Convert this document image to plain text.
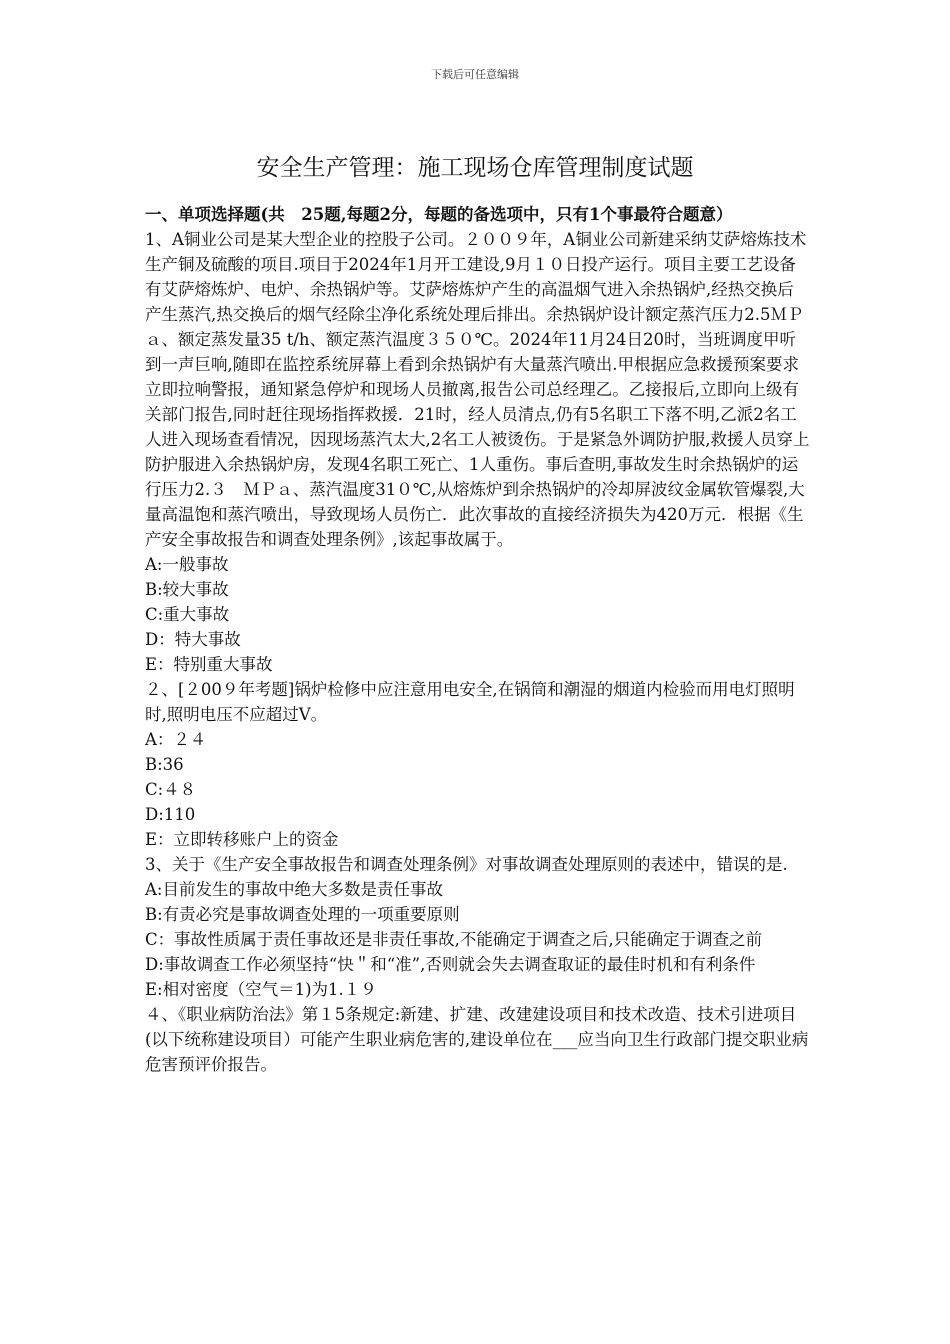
下载后可任意编辑
安全生产管理：施工现场仓库管理制度试题

一、单项选择题(共　25题,每题2分，每题的备选项中，只有1个事最符合题意）

1、A铜业公司是某大型企业的控股子公司。２００９年，A铜业公司新建采纳艾萨熔炼技术生产铜及硫酸的项目.项目于2024年1月开工建设,9月１０日投产运行。项目主要工艺设备有艾萨熔炼炉、电炉、余热锅炉等。艾萨熔炼炉产生的高温烟气进入余热锅炉,经热交换后产生蒸汽,热交换后的烟气经除尘净化系统处理后排出。余热锅炉设计额定蒸汽压力2.5ＭＰａ、额定蒸发量35 t/h、额定蒸汽温度３５０℃。2024年11月24日20时，当班调度甲听到一声巨响,随即在监控系统屏幕上看到余热锅炉有大量蒸汽喷出.甲根据应急救援预案要求立即拉响警报，通知紧急停炉和现场人员撤离,报告公司总经理乙。乙接报后,立即向上级有关部门报告,同时赶往现场指挥救援．21时，经人员清点,仍有5名职工下落不明,乙派2名工人进入现场查看情况，因现场蒸汽太大,2名工人被烫伤。于是紧急外调防护服,救援人员穿上防护服进入余热锅炉房，发现4名职工死亡、1人重伤。事后查明,事故发生时余热锅炉的运行压力2.３　ＭＰａ、蒸汽温度31０℃,从熔炼炉到余热锅炉的冷却屏波纹金属软管爆裂,大量高温饱和蒸汽喷出，导致现场人员伤亡．此次事故的直接经济损失为420万元．根据《生产安全事故报告和调查处理条例》,该起事故属于。

A:一般事故

B:较大事故

C:重大事故

D：特大事故

E：特别重大事故

２、[２00９年考题]锅炉检修中应注意用电安全,在锅筒和潮湿的烟道内检验而用电灯照明时,照明电压不应超过V。

A：２４

B:36

C:４８

D:110

E：立即转移账户上的资金

3、关于《生产安全事故报告和调查处理条例》对事故调查处理原则的表述中，错误的是.

A:目前发生的事故中绝大多数是责任事故

B:有责必究是事故调查处理的一项重要原则

C：事故性质属于责任事故还是非责任事故,不能确定于调查之后,只能确定于调查之前

D:事故调查工作必须坚持“快＂和“准”,否则就会失去调查取证的最佳时机和有利条件

E:相对密度（空气＝1)为1.１９

４、《职业病防治法》第１5条规定:新建、扩建、改建建设项目和技术改造、技术引进项目(以下统称建设项目）可能产生职业病危害的,建设单位在___应当向卫生行政部门提交职业病危害预评价报告。
